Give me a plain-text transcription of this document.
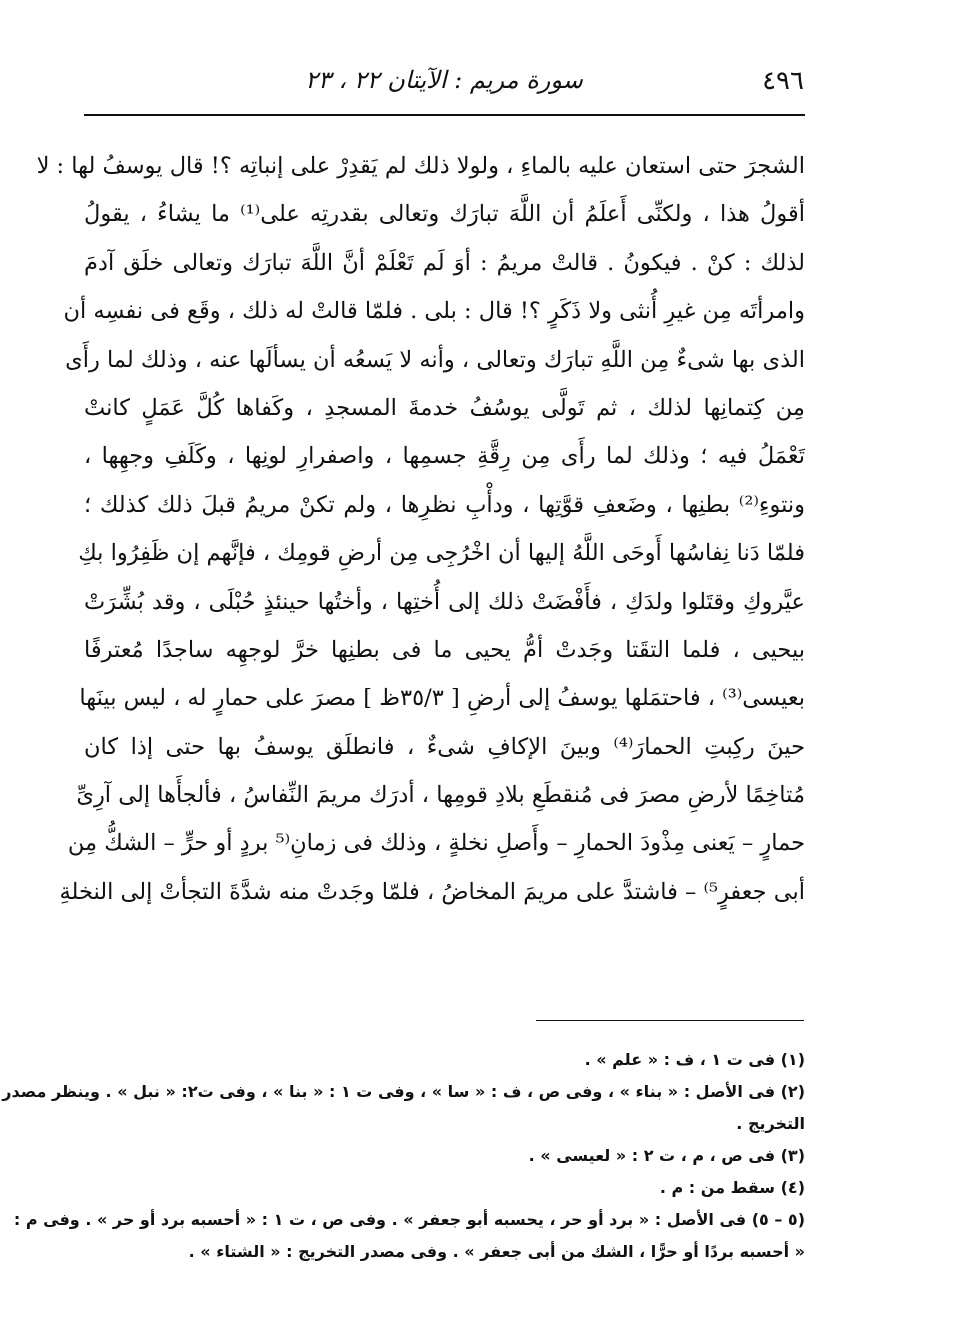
٤٩٦
سورة مريم : الآيتان ٢٢ ، ٢٣
الشجرَ حتى استعان عليه بالماءِ ، ولولا ذلك لم يَقدِرْ على إنباتِه ؟! قال يوسفُ لها : لا
أقولُ هذا ، ولكنِّى أَعلَمُ أن اللَّهَ تبارَك وتعالى بقدرتِه على⁽¹⁾ ما يشاءُ ، يقولُ
لذلك : كنْ . فيكونُ . قالتْ مريمُ : أوَ لَم تَعْلَمْ أنَّ اللَّهَ تبارَك وتعالى خلَق آدمَ
وامرأتَه مِن غيرِ أُنثى ولا ذَكَرٍ ؟! قال : بلى . فلمّا قالتْ له ذلك ، وقَع فى نفسِه أن
الذى بها شىءٌ مِن اللَّهِ تبارَك وتعالى ، وأنه لا يَسعُه أن يسألَها عنه ، وذلك لما رأَى
مِن كِتمانِها لذلك ، ثم تَولَّى يوسُفُ خدمةَ المسجدِ ، وكَفاها كُلَّ عَمَلٍ كانتْ
تَعْمَلُ فيه ؛ وذلك لما رأَى مِن رِقَّةِ جسمِها ، واصفرارِ لونِها ، وكَلَفِ وجهِها ،
ونتوءِ⁽²⁾ بطنِها ، وضَعفِ قوَّتِها ، ودأْبِ نظرِها ، ولم تكنْ مريمُ قبلَ ذلك كذلك ؛
فلمّا دَنا نِفاسُها أَوحَى اللَّهُ إليها أن اخْرُجِى مِن أرضِ قومِك ، فإنَّهم إن ظَفِرُوا بكِ
عيَّروكِ وقتَلوا ولدَكِ ، فأَفْضَتْ ذلك إلى أُختِها ، وأختُها حينئذٍ حُبْلَى ، وقد بُشِّرَتْ
بيحيى ، فلما التقَتا وجَدتْ أمُّ يحيى ما فى بطنِها خرَّ لوجهِه ساجدًا مُعترفًا
بعيسى⁽³⁾ ، فاحتمَلها يوسفُ إلى أرضِ [ ٣٥/٣ظ ] مصرَ على حمارٍ له ، ليس بينَها
حينَ ركِبتِ الحمارَ⁽⁴⁾ وبينَ الإكافِ شىءٌ ، فانطلَق يوسفُ بها حتى إذا كان
مُتاخِمًا لأرضِ مصرَ فى مُنقطَعِ بلادِ قومِها ، أدرَك مريمَ النِّفاسُ ، فألجأَها إلى آرِىِّ
حمارٍ – يَعنى مِذْودَ الحمارِ – وأَصلِ نخلةٍ ، وذلك فى زمانِ⁽⁵ بردٍ أو حرٍّ – الشكُّ مِن
أبى جعفرٍ⁵⁾ – فاشتدَّ على مريمَ المخاضُ ، فلمّا وجَدتْ منه شدَّةَ التجأتْ إلى النخلةِ
(١) فى ت ١ ، ف : « علم » .
(٢) فى الأصل : « بناء » ، وفى ص ، ف : « سا » ، وفى ت ١ : « بنا » ، وفى ت٢: « نبل » . وينظر مصدر
التخريج .
(٣) فى ص ، م ، ت ٢ : « لعيسى » .
(٤) سقط من : م .
(٥ – ٥) فى الأصل : « برد أو حر ، يحسبه أبو جعفر » . وفى ص ، ت ١ : « أحسبه برد أو حر » . وفى م :
« أحسبه بردًا أو حرًّا ، الشك من أبى جعفر » . وفى مصدر التخريج : « الشتاء » .
